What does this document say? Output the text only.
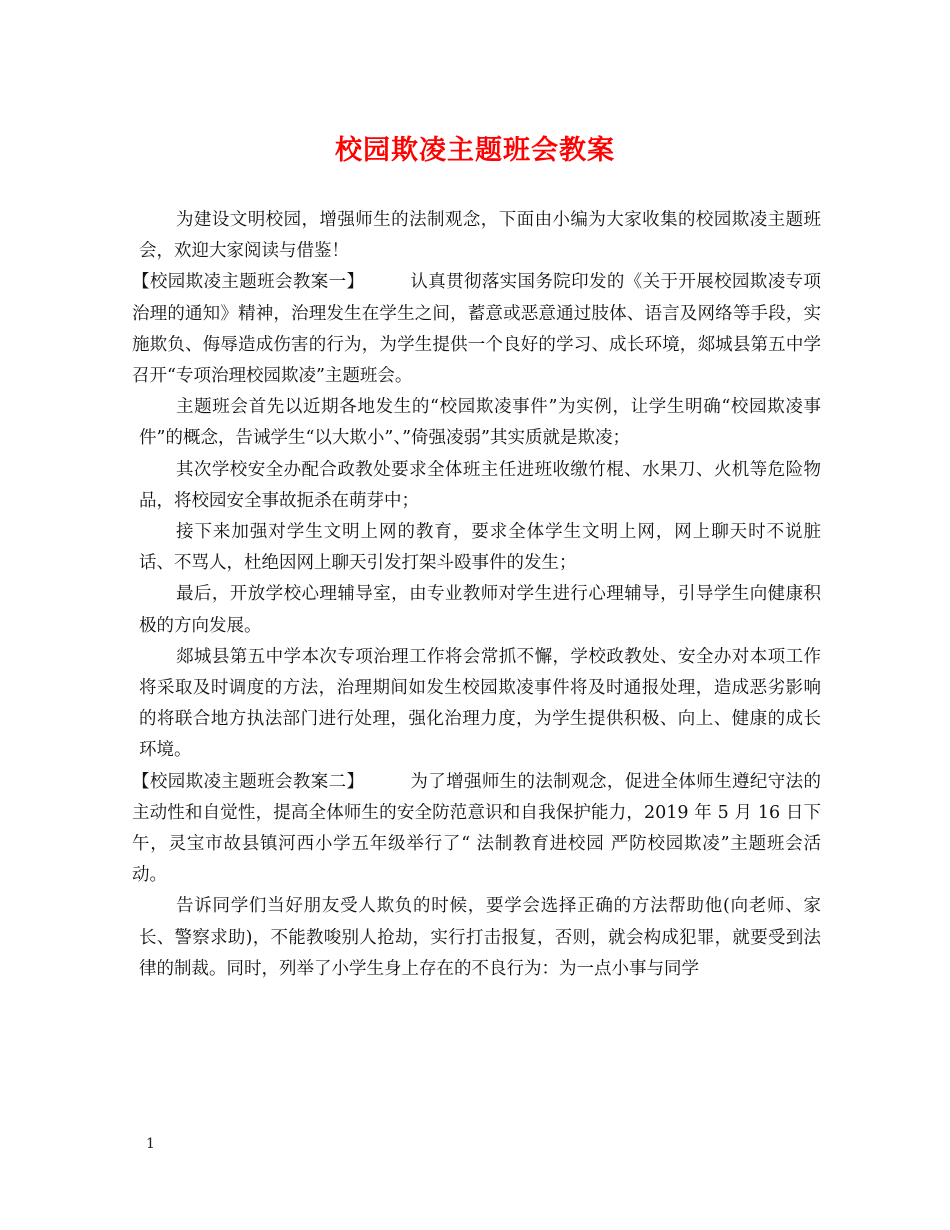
校园欺凌主题班会教案

为建设文明校园，增强师生的法制观念，下面由小编为大家收集的校园欺凌主题班会，欢迎大家阅读与借鉴！

【校园欺凌主题班会教案一】	认真贯彻落实国务院印发的《关于开展校园欺凌专项治理的通知》精神，治理发生在学生之间，蓄意或恶意通过肢体、语言及网络等手段，实施欺负、侮辱造成伤害的行为，为学生提供一个良好的学习、成长环境，郯城县第五中学召开“专项治理校园欺凌”主题班会。

主题班会首先以近期各地发生的“校园欺凌事件”为实例，让学生明确“校园欺凌事件”的概念，告诫学生“以大欺小”、”倚强凌弱”其实质就是欺凌；

其次学校安全办配合政教处要求全体班主任进班收缴竹棍、水果刀、火机等危险物品，将校园安全事故扼杀在萌芽中；

接下来加强对学生文明上网的教育，要求全体学生文明上网，网上聊天时不说脏话、不骂人，杜绝因网上聊天引发打架斗殴事件的发生；

最后，开放学校心理辅导室，由专业教师对学生进行心理辅导，引导学生向健康积极的方向发展。

郯城县第五中学本次专项治理工作将会常抓不懈，学校政教处、安全办对本项工作将采取及时调度的方法，治理期间如发生校园欺凌事件将及时通报处理，造成恶劣影响的将联合地方执法部门进行处理，强化治理力度，为学生提供积极、向上、健康的成长环境。

【校园欺凌主题班会教案二】	为了增强师生的法制观念，促进全体师生遵纪守法的主动性和自觉性，提高全体师生的安全防范意识和自我保护能力，2019 年 5 月 16 日下午，灵宝市故县镇河西小学五年级举行了“ 法制教育进校园 严防校园欺凌”主题班会活动。

告诉同学们当好朋友受人欺负的时候，要学会选择正确的方法帮助他(向老师、家长、警察求助)，不能教唆别人抢劫，实行打击报复，否则，就会构成犯罪，就要受到法律的制裁。同时，列举了小学生身上存在的不良行为：为一点小事与同学

1
